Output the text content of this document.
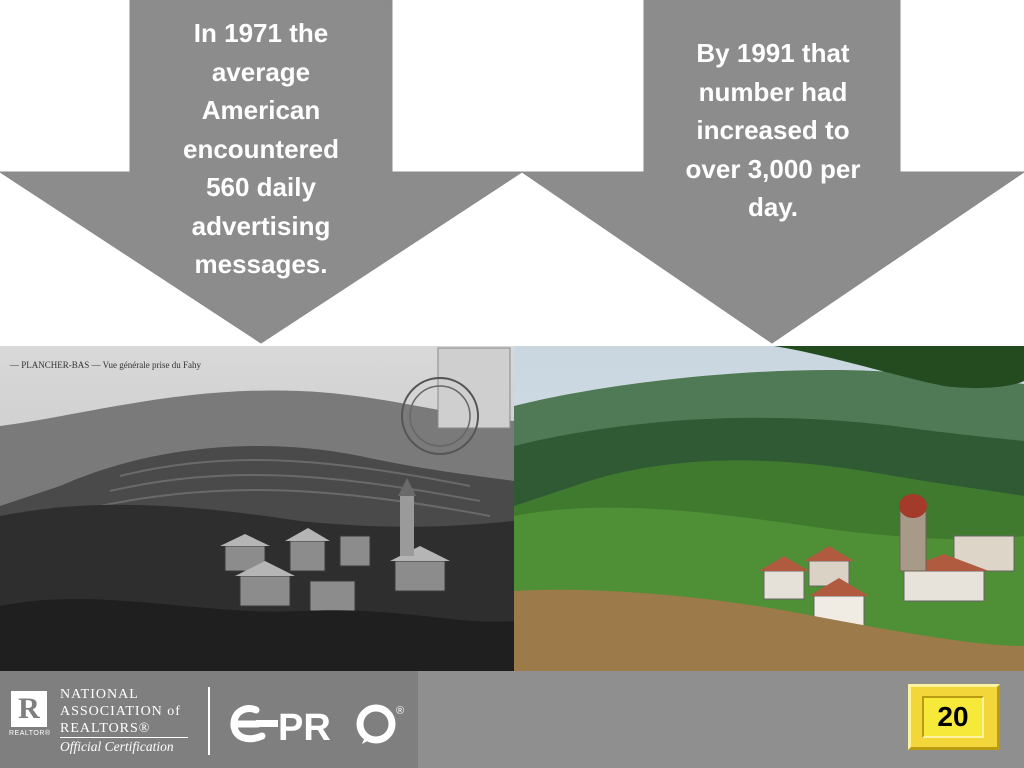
In 1971 the
average
American
encountered
560 daily
advertising
messages.
By 1991 that
number had
increased to
over 3,000 per
day.
— PLANCHER-BAS — Vue générale prise du Fahy
R
REALTOR®
NATIONAL
ASSOCIATION of
REALTORS®
Official Certification	PR	®	20
